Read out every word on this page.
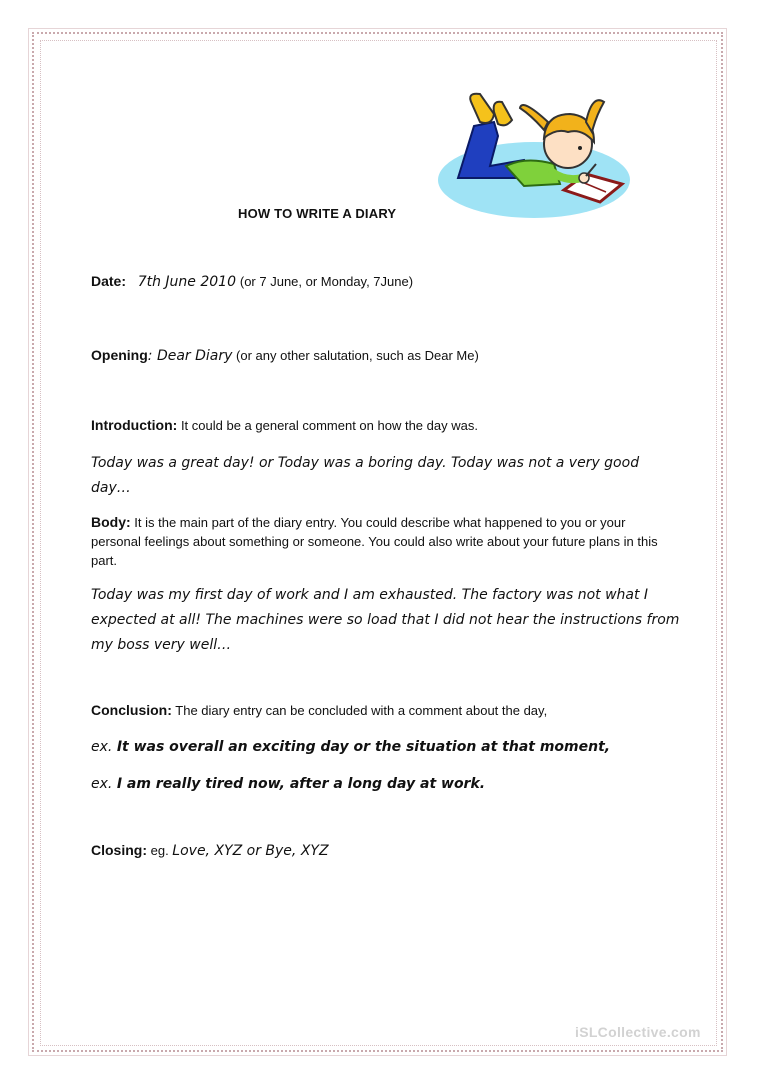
HOW TO WRITE A DIARY

Date: 7th June 2010 (or 7 June, or Monday, 7June)

Opening: Dear Diary (or any other salutation, such as Dear Me)

Introduction: It could be a general comment on how the day was.

Today was a great day! or Today was a boring day. Today was not a very good day…

Body: It is the main part of the diary entry. You could describe what happened to you or your personal feelings about something or someone. You could also write about your future plans in this part.

Today was my first day of work and I am exhausted. The factory was not what I expected at all! The machines were so load that I did not hear the instructions from my boss very well…

Conclusion: The diary entry can be concluded with a comment about the day,

ex. It was overall an exciting day or the situation at that moment,

ex. I am really tired now, after a long day at work.

Closing: eg. Love, XYZ or Bye, XYZ

iSLCollective.com
